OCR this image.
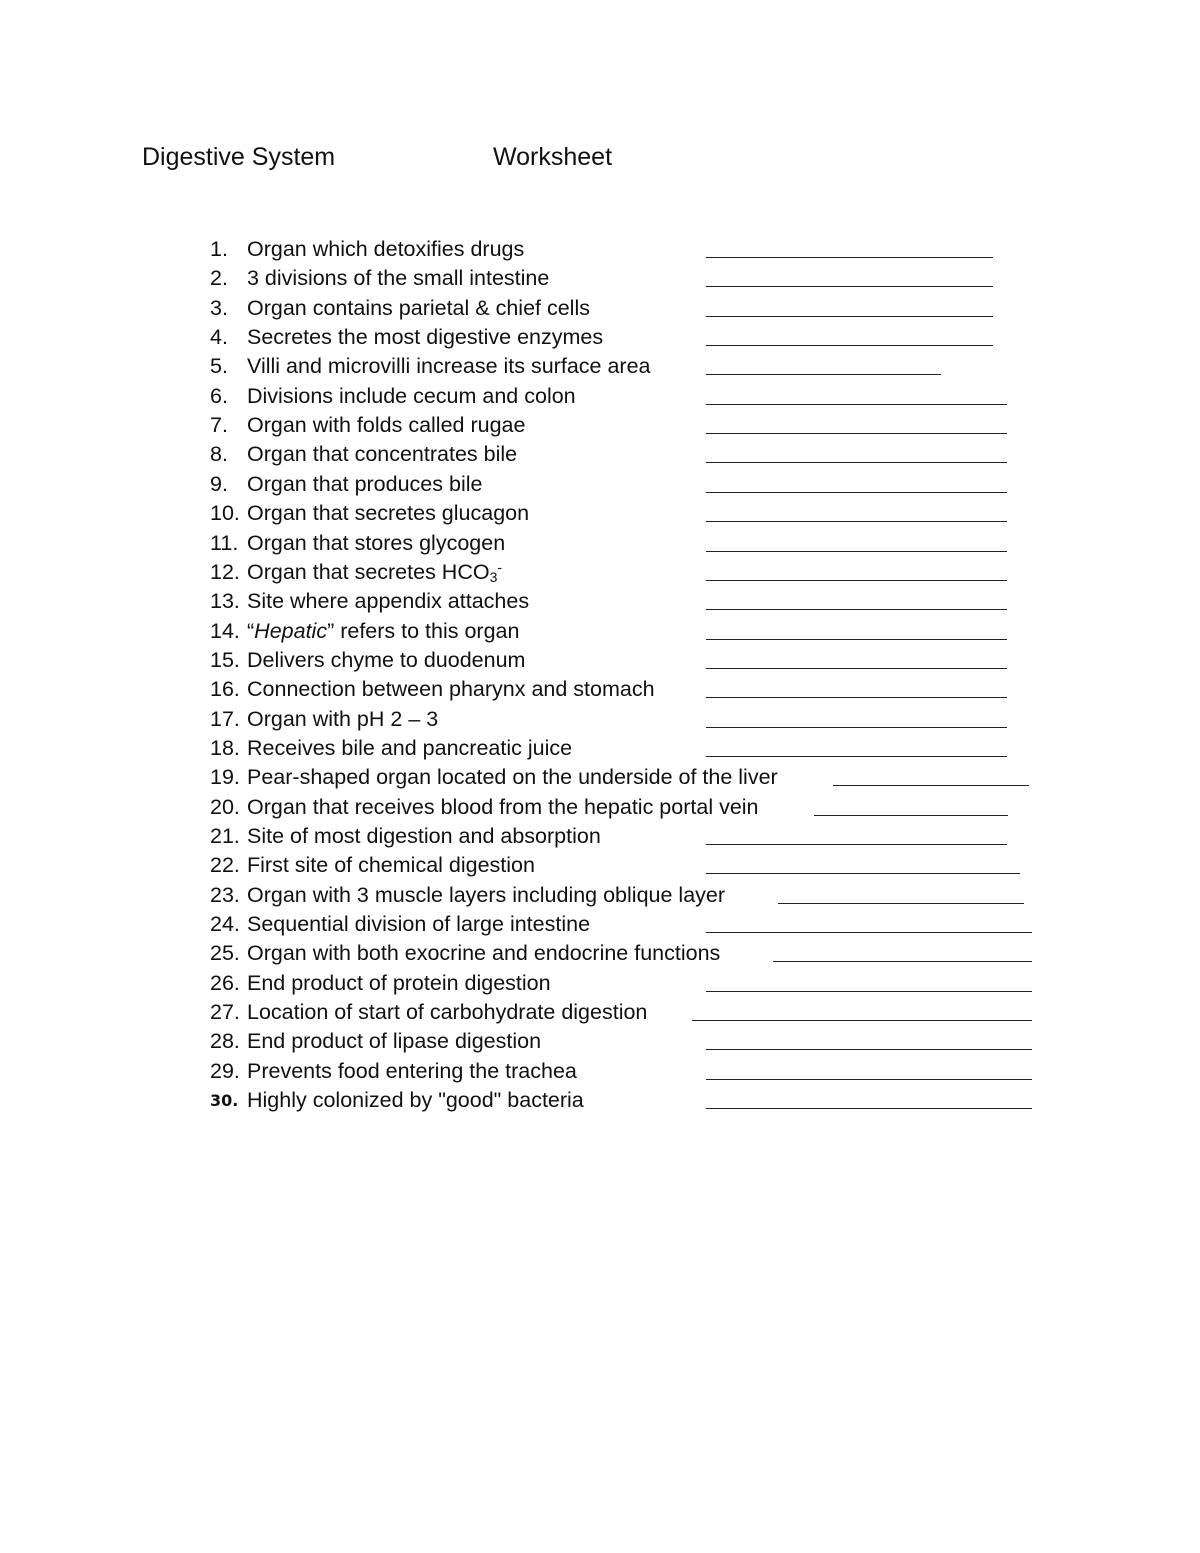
Digestive System	Worksheet
1. Organ which detoxifies drugs
2. 3 divisions of the small intestine
3. Organ contains parietal & chief cells
4. Secretes the most digestive enzymes
5. Villi and microvilli increase its surface area
6. Divisions include cecum and colon
7. Organ with folds called rugae
8. Organ that concentrates bile
9. Organ that produces bile
10. Organ that secretes glucagon
11. Organ that stores glycogen
12. Organ that secretes $HCO_3^-$
13. Site where appendix attaches
14. “Hepatic” refers to this organ
15. Delivers chyme to duodenum
16. Connection between pharynx and stomach
17. Organ with pH 2 – 3
18. Receives bile and pancreatic juice
19. Pear-shaped organ located on the underside of the liver
20. Organ that receives blood from the hepatic portal vein
21. Site of most digestion and absorption
22. First site of chemical digestion
23. Organ with 3 muscle layers including oblique layer
24. Sequential division of large intestine
25. Organ with both exocrine and endocrine functions
26. End product of protein digestion
27. Location of start of carbohydrate digestion
28. End product of lipase digestion
29. Prevents food entering the trachea
30. Highly colonized by "good" bacteria
